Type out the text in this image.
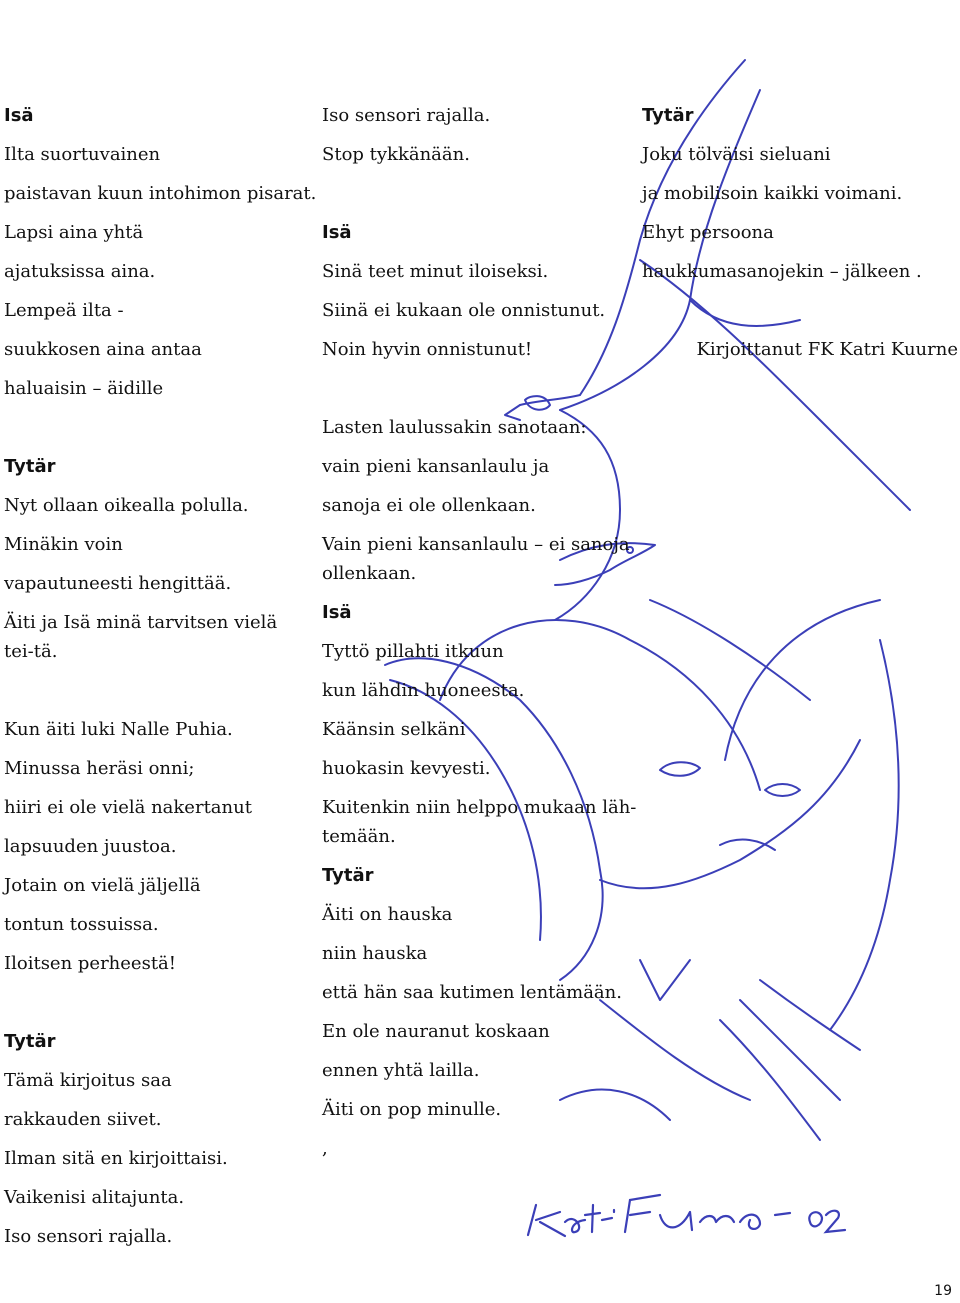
Isä
Ilta suortuvainen
paistavan kuun intohimon pisarat.
Lapsi aina yhtä
ajatuksissa aina.
Lempeä ilta -
suukkosen aina antaa
haluaisin – äidille
Tytär
Nyt ollaan oikealla polulla.
Minäkin voin
vapautuneesti hengittää.
Äiti ja Isä minä tarvitsen vielä tei-tä.
Kun äiti luki Nalle Puhia.
Minussa heräsi onni;
hiiri ei ole vielä nakertanut
lapsuuden juustoa.
Jotain on vielä jäljellä
tontun tossuissa.
Iloitsen perheestä!
Tytär
Tämä kirjoitus saa
rakkauden siivet.
Ilman sitä en kirjoittaisi.
Vaikenisi alitajunta.
Iso sensori rajalla.
Iso sensori rajalla.
Stop tykkänään.
Isä
Sinä teet minut iloiseksi.
Siinä ei kukaan ole onnistunut.
Noin hyvin onnistunut!
Lasten laulussakin sanotaan:
vain pieni kansanlaulu ja
sanoja ei ole ollenkaan.
Vain pieni kansanlaulu – ei sanoja ollenkaan.
Isä
Tyttö pillahti itkuun
kun lähdin huoneesta.
Käänsin selkäni
huokasin kevyesti.
Kuitenkin niin helppo mukaan läh-temään.
Tytär
Äiti on hauska
niin hauska
että hän saa kutimen lentämään.
En ole nauranut koskaan
ennen yhtä lailla.
Äiti on pop minulle.
,
Tytär
Joku tölväisi sieluani
ja mobilisoin kaikki voimani.
Ehyt persoona
haukkumasanojekin – jälkeen .
Kirjoittanut FK Katri Kuurne
19
